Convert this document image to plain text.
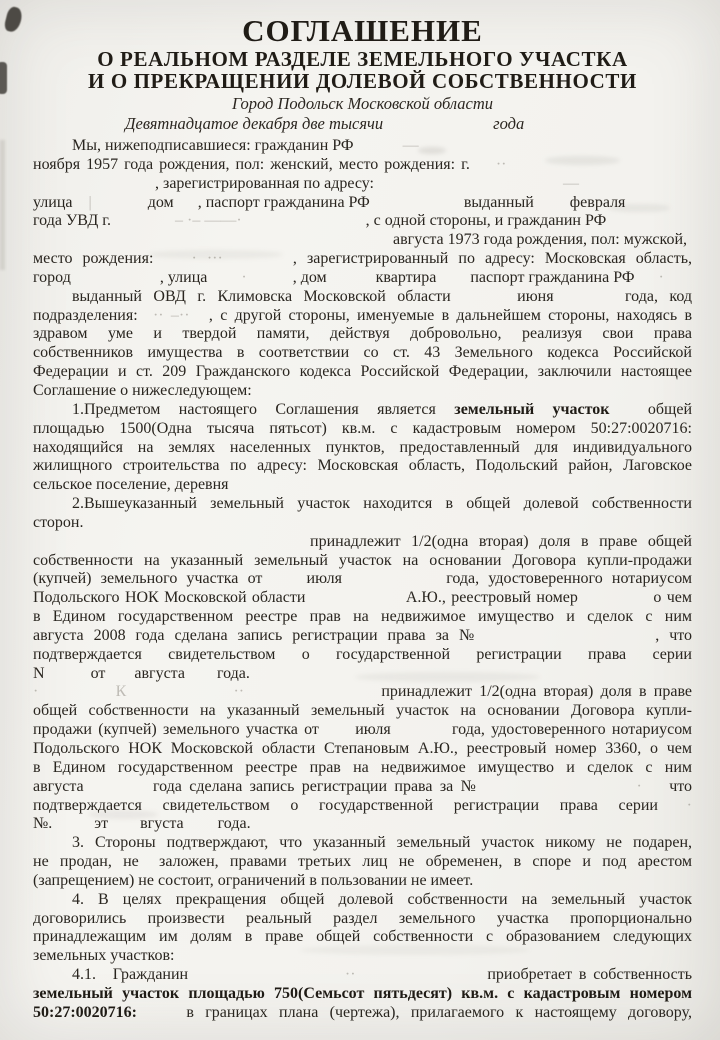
СОГЛАШЕНИЕ
О РЕАЛЬНОМ РАЗДЕЛЕ ЗЕМЕЛЬНОГО УЧАСТКА
И О ПРЕКРАЩЕНИИ ДОЛЕВОЙ СОБСТВЕННОСТИ
Город Подольск Московской области
Девятнадцатое декабря две тысячи	года
Мы, нижеподписавшиеся: гражданин РФ	—
ноября 1957 года рождения, пол: женский, место рождения: г. ··
, зарегистрированная по адресу:	—
улица |	дом , паспорт гражданина РФ	выданный февраля
года УВД г.	– ·– ——·	, с одной стороны, и гражданин РФ
августа 1973 года рождения, пол: мужской,
место рождения: · ···	, зарегистрированный по адресу: Московская область,
город	, улица ·	, дом	квартира паспорт гражданина РФ ·
выданный ОВД г. Климовска Московской области	июня	года, код
подразделения: ·· –·· , с другой стороны, именуемые в дальнейшем стороны, находясь в
здравом уме и твердой памяти, действуя добровольно, реализуя свои права
собственников имущества в соответствии со ст. 43 Земельного кодекса Российской
Федерации и ст. 209 Гражданского кодекса Российской Федерации, заключили настоящее
Соглашение о нижеследующем:
1.Предметом настоящего Соглашения является земельный участок общей
площадью 1500(Одна тысяча пятьсот) кв.м. с кадастровым номером 50:27:0020716:
находящийся на землях населенных пунктов, предоставленный для индивидуального
жилищного строительства по адресу: Московская область, Подольский район, Лаговское
сельское поселение, деревня
2.Вышеуказанный земельный участок находится в общей долевой собственности
сторон.
принадлежит 1/2(одна вторая) доля в праве общей
собственности на указанный земельный участок на основании Договора купли-продажи
(купчей) земельного участка от	июля	года, удостоверенного нотариусом
Подольского НОК Московской области	А.Ю., реестровый номер	о чем
в Едином государственном реестре прав на недвижимое имущество и сделок с ним
августа 2008 года сделана запись регистрации права за №	, что
подтверждается свидетельством о государственной регистрации права серии
N	от августа года.
·	К	··	принадлежит 1/2(одна вторая) доля в праве
общей собственности на указанный земельный участок на основании Договора купли-
продажи (купчей) земельного участка от июля	года, удостоверенного нотариусом
Подольского НОК Московской области Степановым А.Ю., реестровый номер 3360, о чем
в Едином государственном реестре прав на недвижимое имущество и сделок с ним
августа	года сделана запись регистрации права за №	· что
подтверждается свидетельством о государственной регистрации права серии ·
№.	эт вгуста года.
3. Стороны подтверждают, что указанный земельный участок никому не подарен,
не продан, не заложен, правами третьих лиц не обременен, в споре и под арестом
(запрещением) не состоит, ограничений в пользовании не имеет.
4. В целях прекращения общей долевой собственности на земельный участок
договорились произвести реальный раздел земельного участка пропорционально
принадлежащим им долям в праве общей собственности с образованием следующих
земельных участков:
4.1. Гражданин	··	приобретает в собственность
земельный участок площадью 750(Семьсот пятьдесят) кв.м. с кадастровым номером
50:27:0020716:	в границах плана (чертежа), прилагаемого к настоящему договору,
